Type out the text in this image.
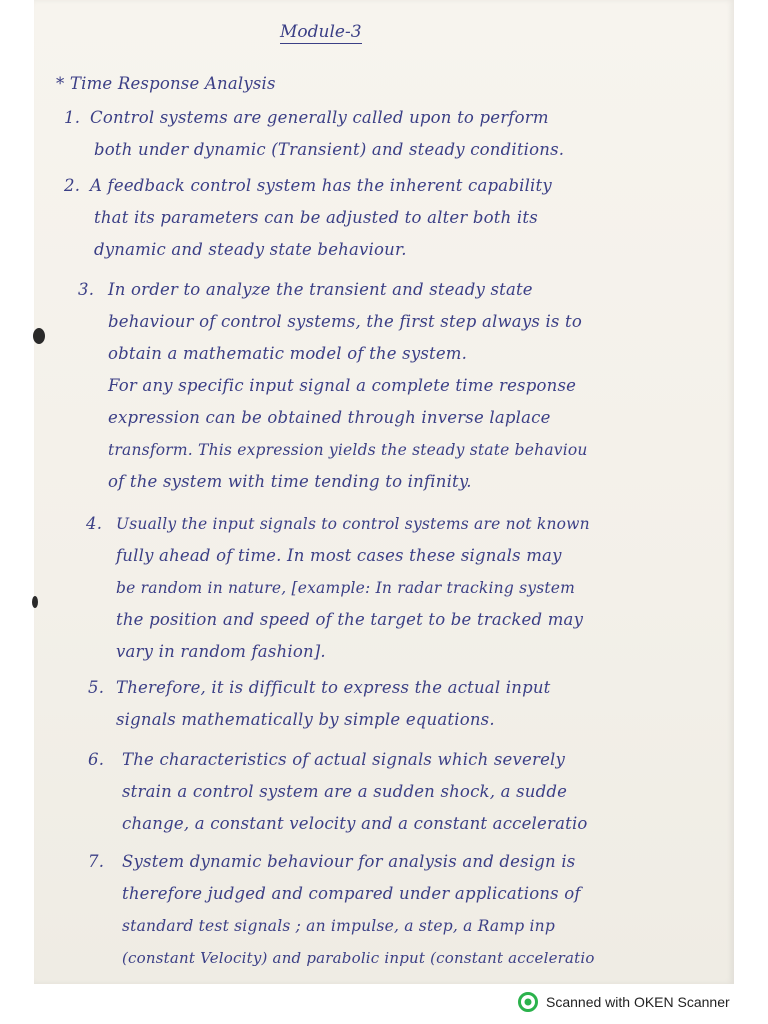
Module-3
* Time Response Analysis
1. Control systems are generally called upon to perform
both under dynamic (Transient) and steady conditions.
2. A feedback control system has the inherent capability
that its parameters can be adjusted to alter both its
dynamic and steady state behaviour.
3. In order to analyze the transient and steady state
behaviour of control systems, the first step always is to
obtain a mathematic model of the system.
For any specific input signal a complete time response
expression can be obtained through inverse laplace
transform. This expression yields the steady state behaviou
of the system with time tending to infinity.
4. Usually the input signals to control systems are not known
fully ahead of time. In most cases these signals may
be random in nature, [example: In radar tracking system
the position and speed of the target to be tracked may
vary in random fashion].
5. Therefore, it is difficult to express the actual input
signals mathematically by simple equations.
6. The characteristics of actual signals which severely
strain a control system are a sudden shock, a sudde
change, a constant velocity and a constant acceleratio
7. System dynamic behaviour for analysis and design is
therefore judged and compared under applications of
standard test signals ; an impulse, a step, a Ramp inp
(constant Velocity) and parabolic input (constant acceleratio
Scanned with OKEN Scanner
